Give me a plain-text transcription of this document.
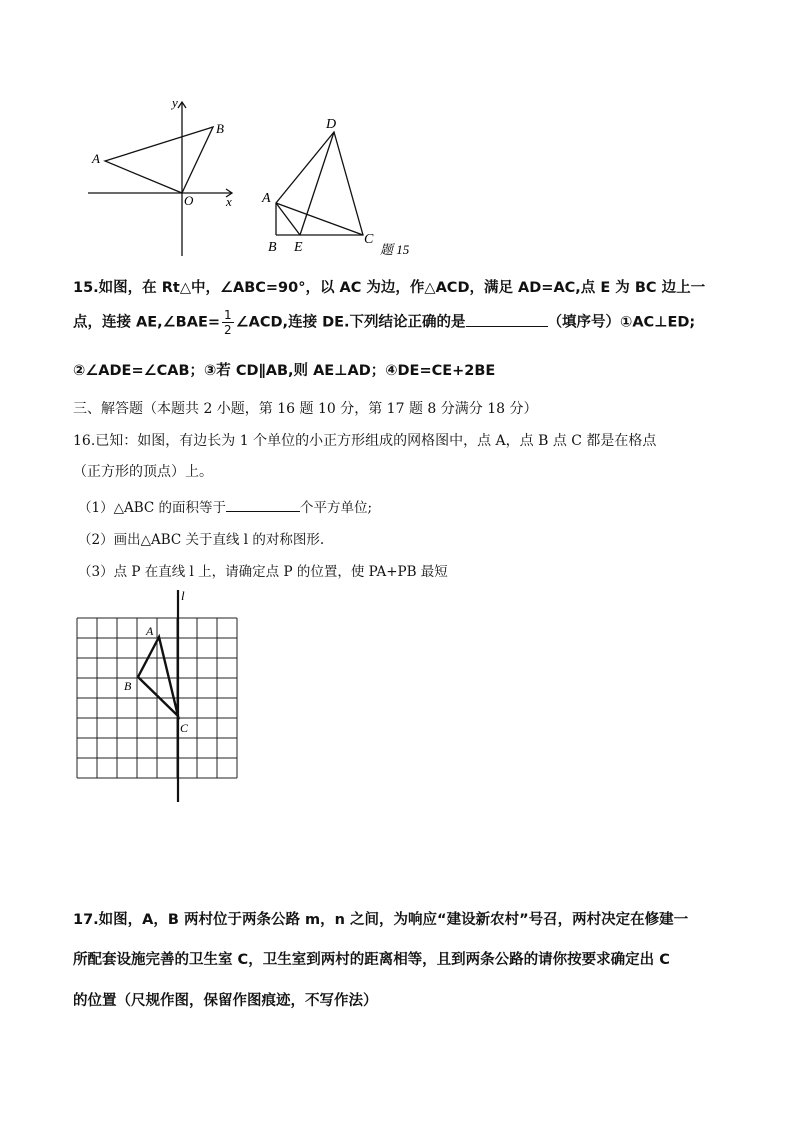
y
x
O
A
B	D
A
B E
C
题 15
15.如图，在 Rt△中，∠ABC=90°，以 AC 为边，作△ACD，满足 AD=AC,点 E 为 BC 边上一
点，连接 AE,∠BAE= $\frac{1}{2}$ ∠ACD,连接 DE.下列结论正确的是	（填序号）①AC⊥ED;
②∠ADE=∠CAB；③若 CD∥AB,则 AE⊥AD；④DE=CE+2BE
三、解答题（本题共 2 小题，第 16 题 10 分，第 17 题 8 分满分 18 分）
16.已知：如图，有边长为 1 个单位的小正方形组成的网格图中，点 A，点 B 点 C 都是在格点
（正方形的顶点）上。
（1）△ABC 的面积等于	个平方单位;
（2）画出△ABC 关于直线 l 的对称图形.
（3）点 P 在直线 l 上，请确定点 P 的位置，使 PA+PB 最短
l
A
B
C
17.如图，A，B 两村位于两条公路 m，n 之间，为响应“建设新农村”号召，两村决定在修建一
所配套设施完善的卫生室 C，卫生室到两村的距离相等，且到两条公路的请你按要求确定出 C
的位置（尺规作图，保留作图痕迹，不写作法）
